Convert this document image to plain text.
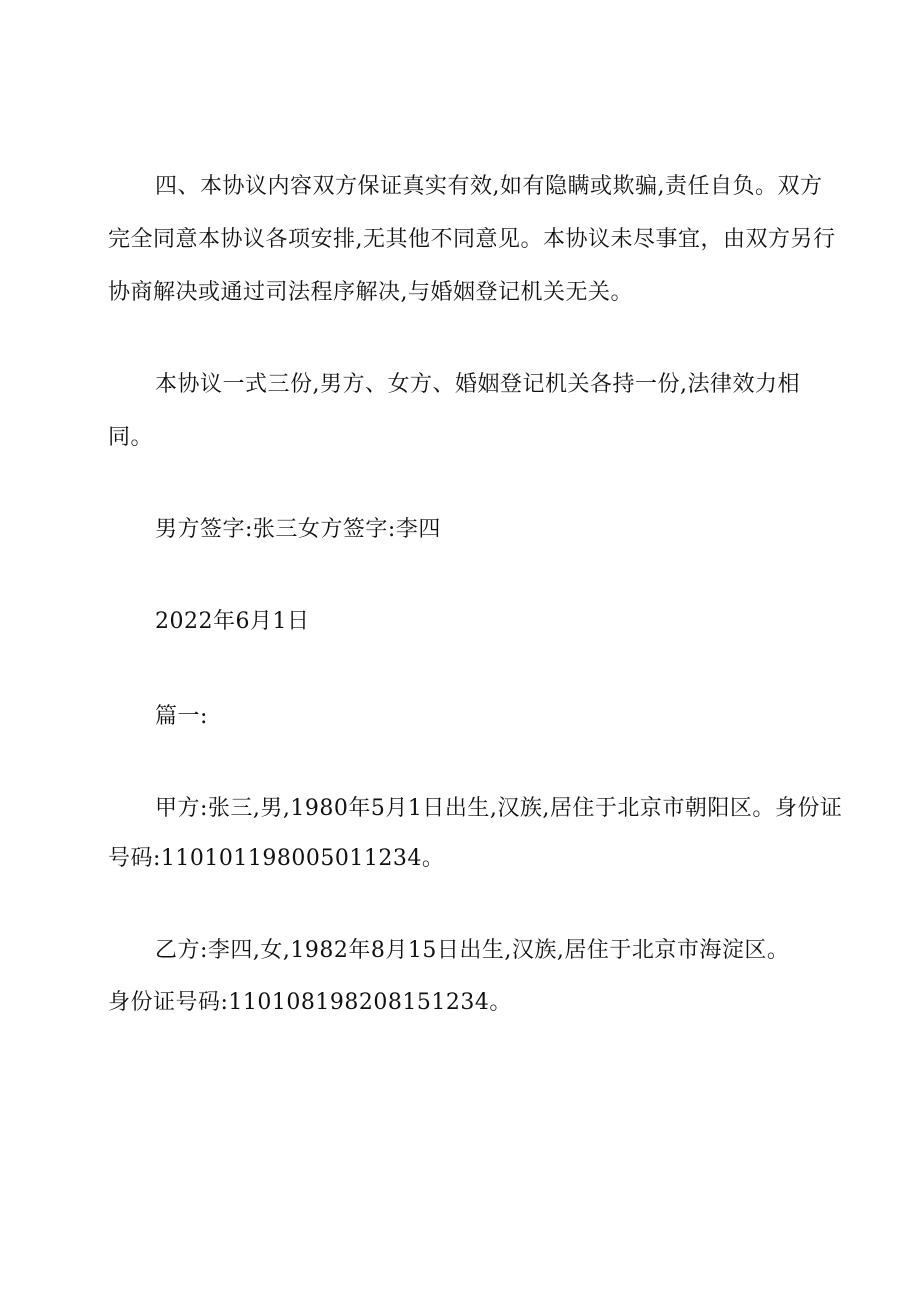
四、本协议内容双方保证真实有效,如有隐瞒或欺骗,责任自负。双方
完全同意本协议各项安排,无其他不同意见。本协议未尽事宜，由双方另行
协商解决或通过司法程序解决,与婚姻登记机关无关。
本协议一式三份,男方、女方、婚姻登记机关各持一份,法律效力相
同。
男方签字:张三女方签字:李四
2022年6月1日
篇一:
甲方:张三,男,1980年5月1日出生,汉族,居住于北京市朝阳区。身份证
号码:110101198005011234。
乙方:李四,女,1982年8月15日出生,汉族,居住于北京市海淀区。
身份证号码:110108198208151234。
